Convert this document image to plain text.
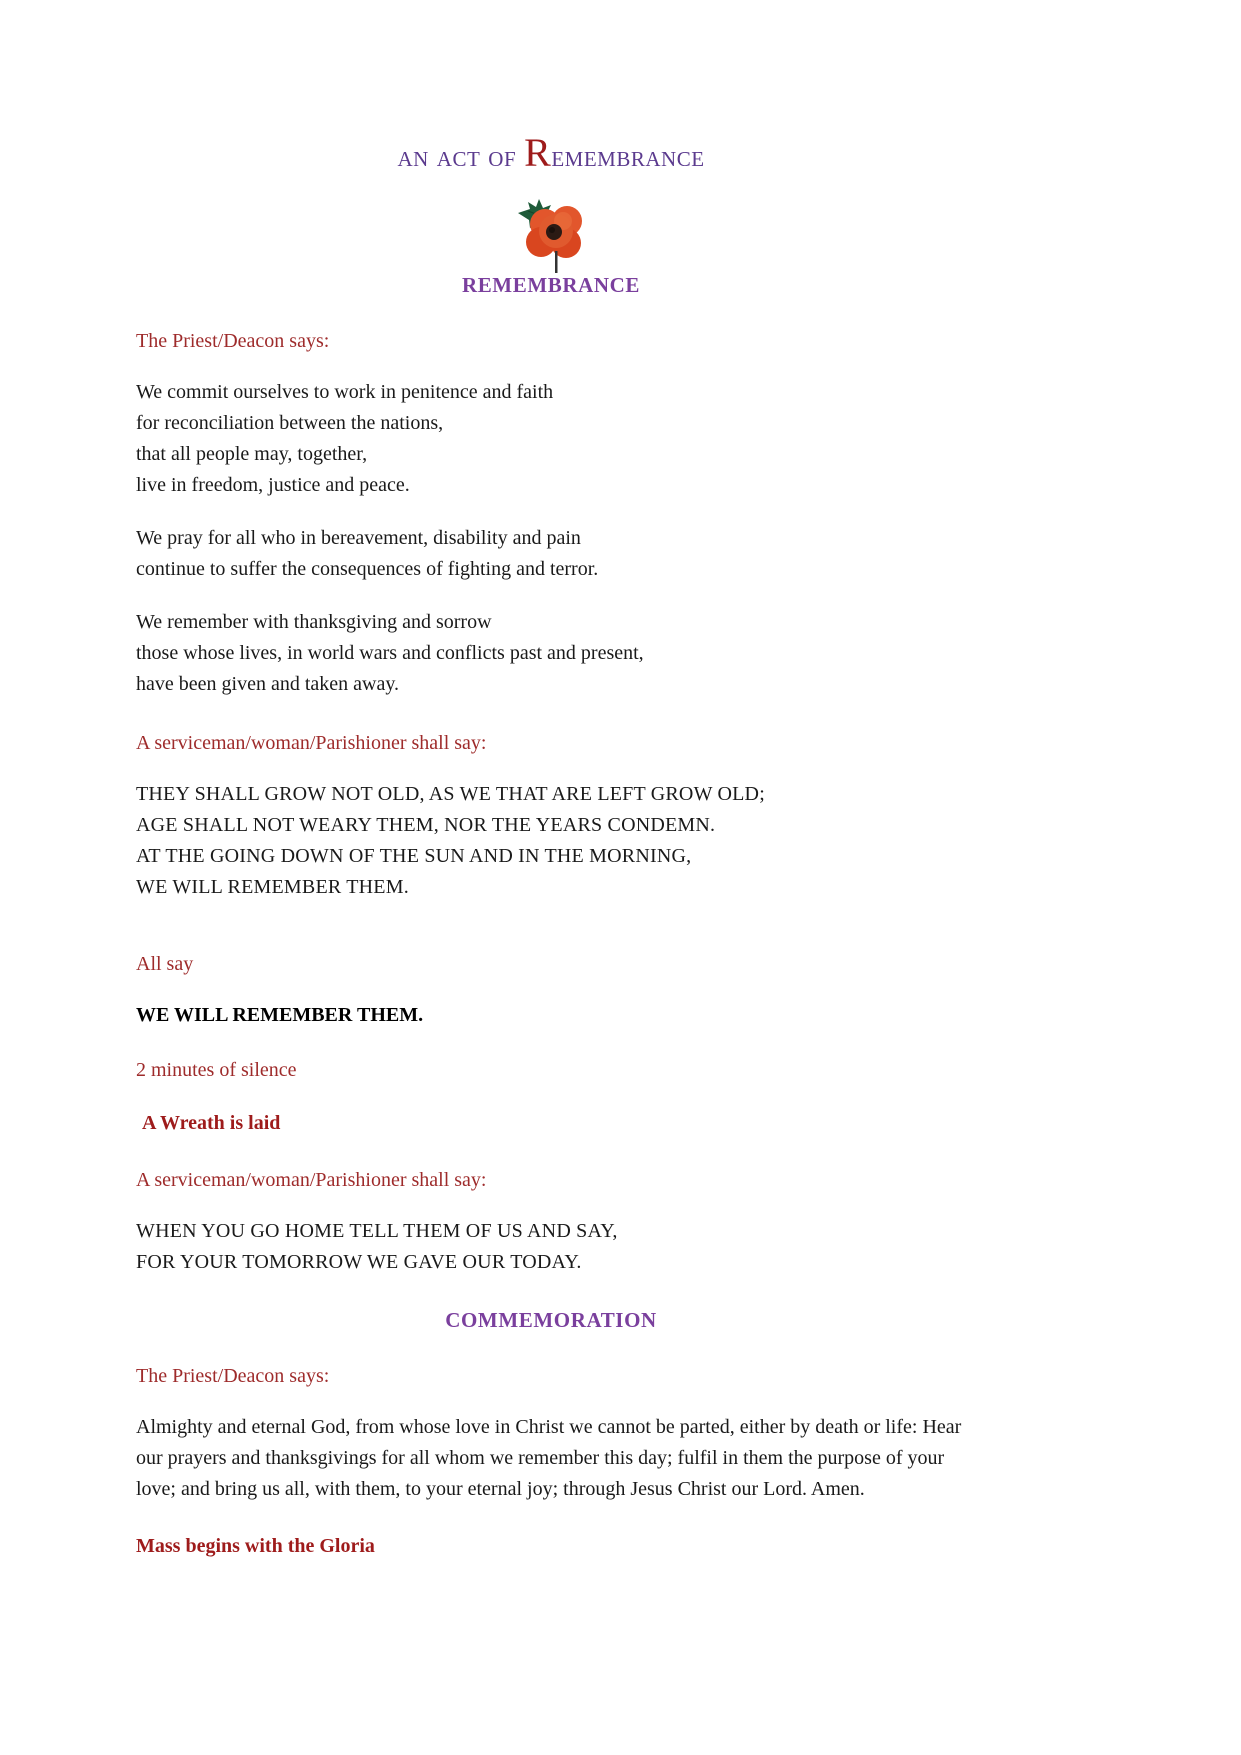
an act of Remembrance
REMEMBRANCE
The Priest/Deacon says:
We commit ourselves to work in penitence and faith
for reconciliation between the nations,
that all people may, together,
live in freedom, justice and peace.
We pray for all who in bereavement, disability and pain
continue to suffer the consequences of fighting and terror.
We remember with thanksgiving and sorrow
those whose lives, in world wars and conflicts past and present,
have been given and taken away.
A serviceman/woman/Parishioner shall say:
THEY SHALL GROW NOT OLD, AS WE THAT ARE LEFT GROW OLD;
AGE SHALL NOT WEARY THEM, NOR THE YEARS CONDEMN.
AT THE GOING DOWN OF THE SUN AND IN THE MORNING,
WE WILL REMEMBER THEM.
All say
WE WILL REMEMBER THEM.
2 minutes of silence
A Wreath is laid
A serviceman/woman/Parishioner shall say:
WHEN YOU GO HOME TELL THEM OF US AND SAY,
FOR YOUR TOMORROW WE GAVE OUR TODAY.
COMMEMORATION
The Priest/Deacon says:
Almighty and eternal God, from whose love in Christ we cannot be parted, either by death or life: Hear our prayers and thanksgivings for all whom we remember this day; fulfil in them the purpose of your love; and bring us all, with them, to your eternal joy; through Jesus Christ our Lord. Amen.
Mass begins with the Gloria
